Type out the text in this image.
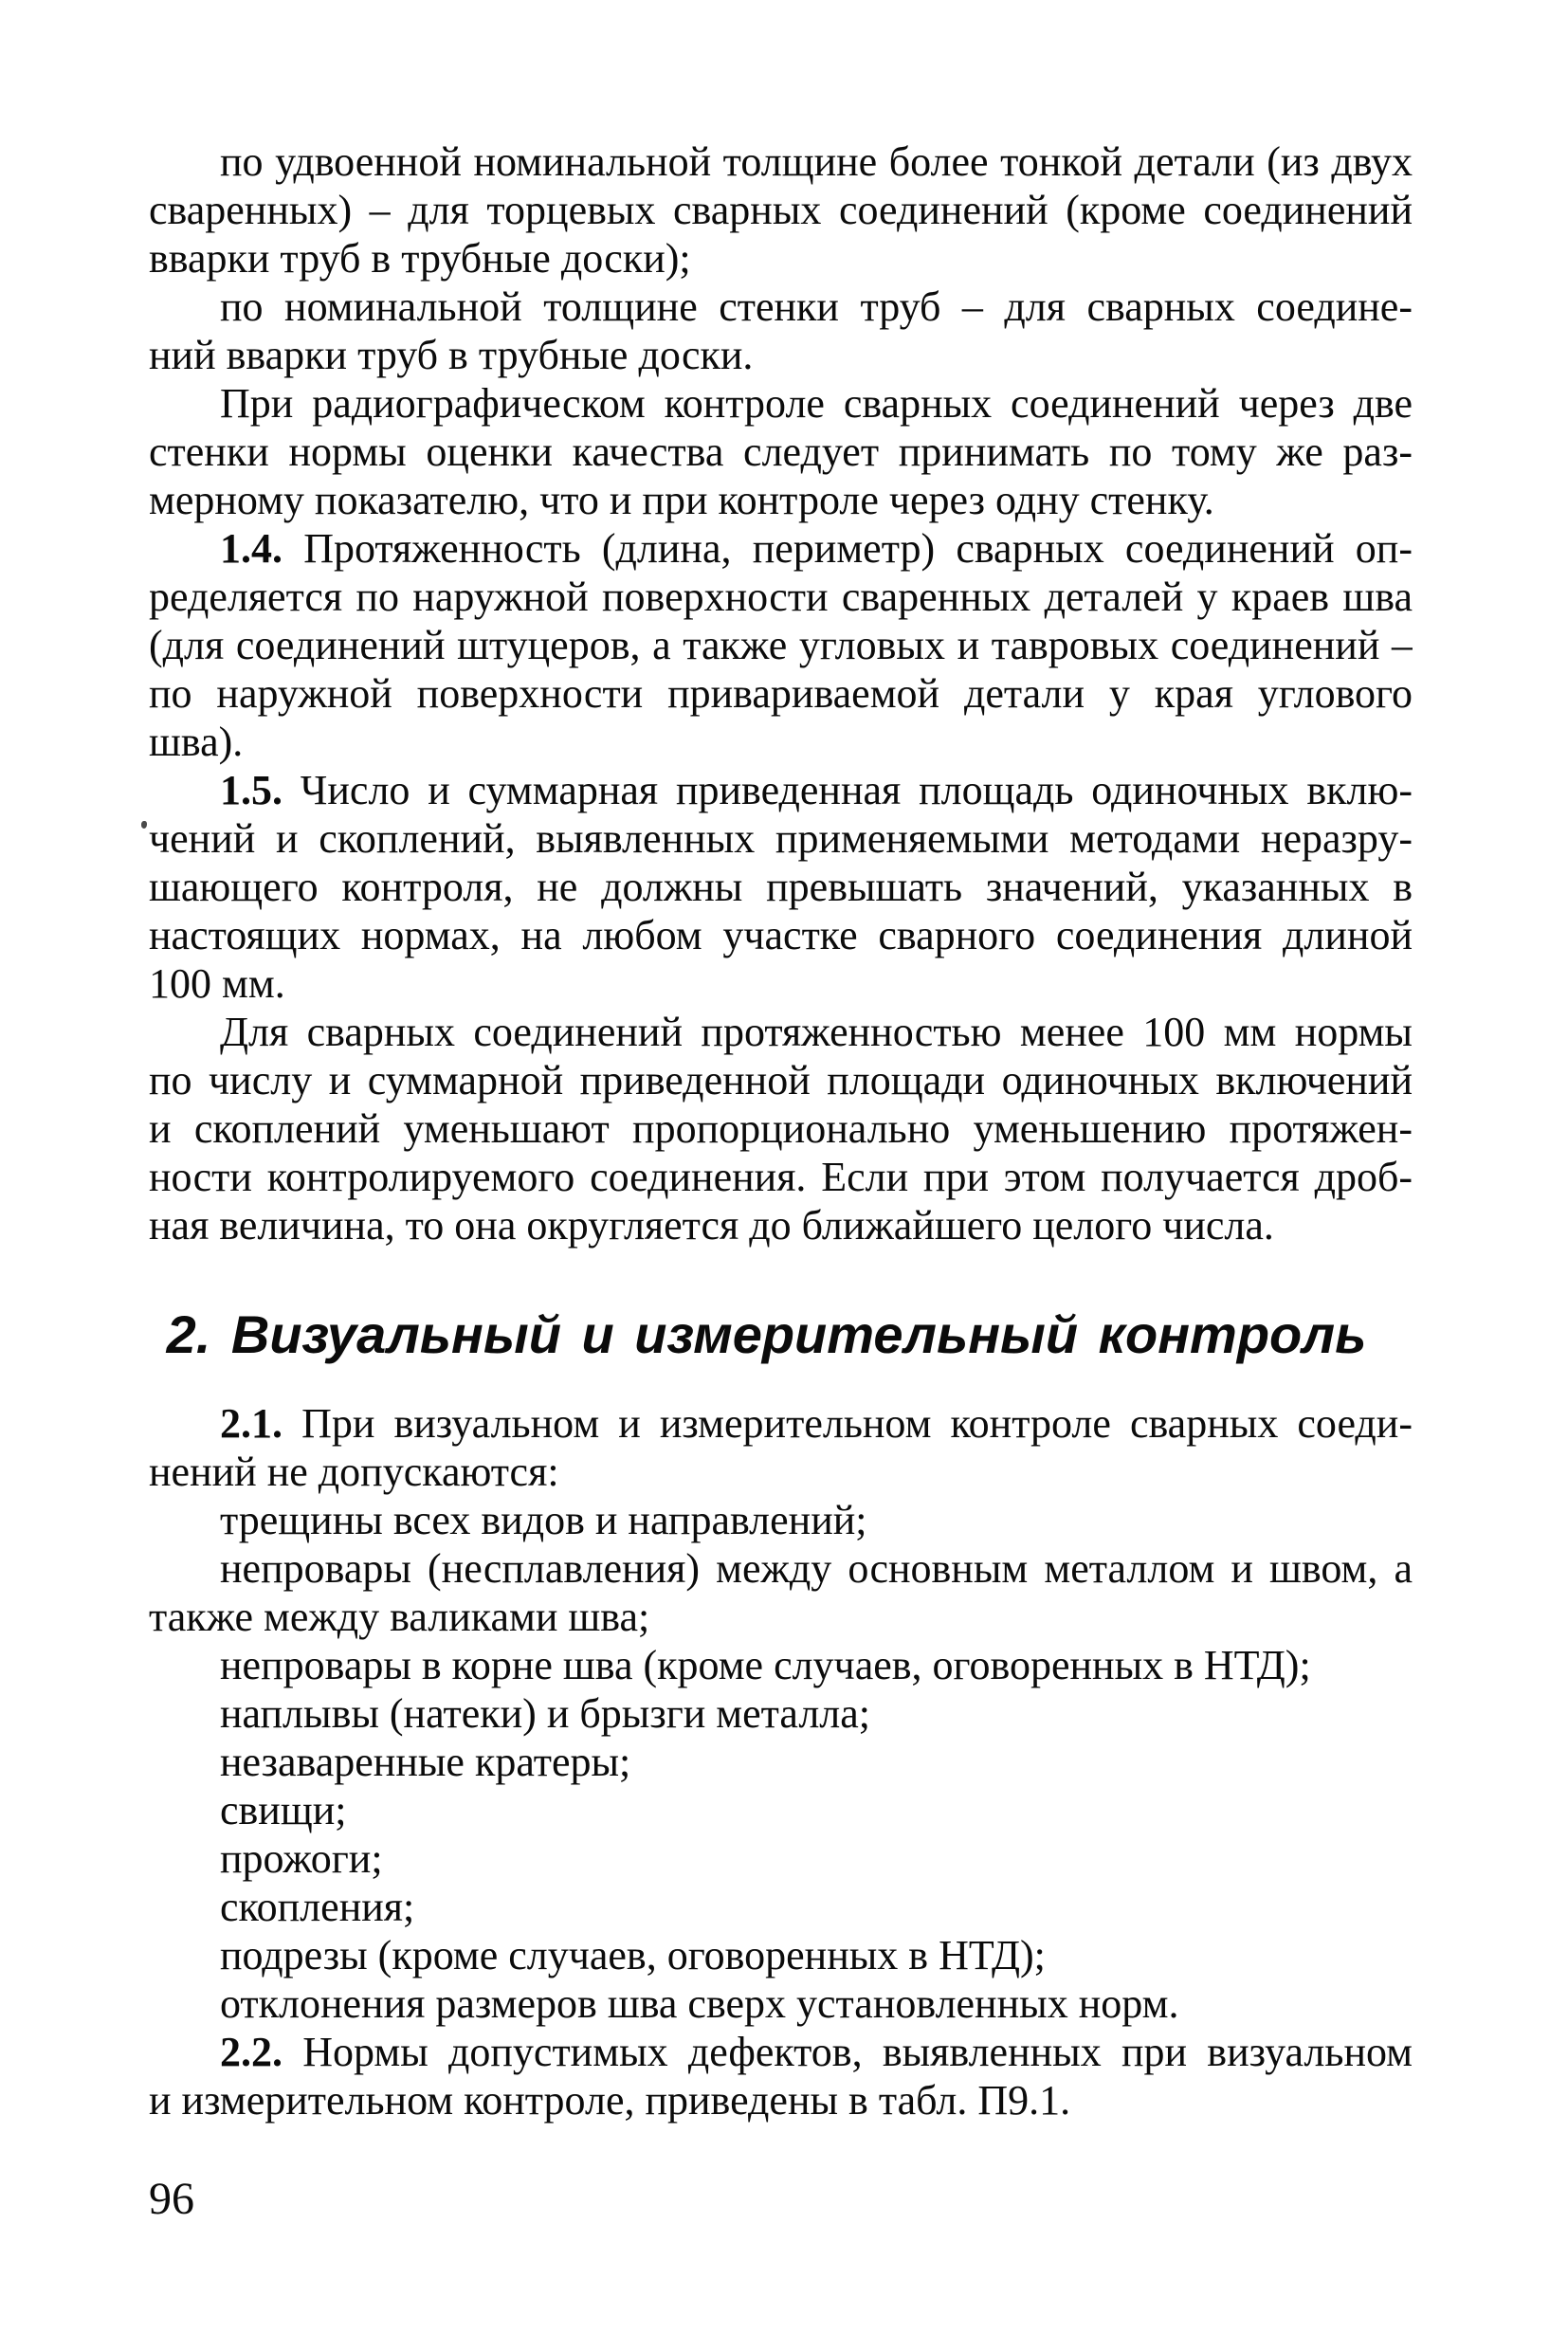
по удвоенной номинальной толщине более тонкой детали (из двух
сваренных) – для торцевых сварных соединений (кроме соединений
вварки труб в трубные доски);
по номинальной толщине стенки труб – для сварных соедине-
ний вварки труб в трубные доски.
При радиографическом контроле сварных соединений через две
стенки нормы оценки качества следует принимать по тому же раз-
мерному показателю, что и при контроле через одну стенку.
1.4. Протяженность (длина, периметр) сварных соединений оп-
ределяется по наружной поверхности сваренных деталей у краев шва
(для соединений штуцеров, а также угловых и тавровых соединений –
по наружной поверхности привариваемой детали у края углового
шва).
1.5. Число и суммарная приведенная площадь одиночных вклю-
чений и скоплений, выявленных применяемыми методами неразру-
шающего контроля, не должны превышать значений, указанных в
настоящих нормах, на любом участке сварного соединения длиной
100 мм.
Для сварных соединений протяженностью менее 100 мм нормы
по числу и суммарной приведенной площади одиночных включений
и скоплений уменьшают пропорционально уменьшению протяжен-
ности контролируемого соединения. Если при этом получается дроб-
ная величина, то она округляется до ближайшего целого числа.
2. Визуальный и измерительный контроль
2.1. При визуальном и измерительном контроле сварных соеди-
нений не допускаются:
трещины всех видов и направлений;
непровары (несплавления) между основным металлом и швом, а
также между валиками шва;
непровары в корне шва (кроме случаев, оговоренных в НТД);
наплывы (натеки) и брызги металла;
незаваренные кратеры;
свищи;
прожоги;
скопления;
подрезы (кроме случаев, оговоренных в НТД);
отклонения размеров шва сверх установленных норм.
2.2. Нормы допустимых дефектов, выявленных при визуальном
и измерительном контроле, приведены в табл. П9.1.
96
